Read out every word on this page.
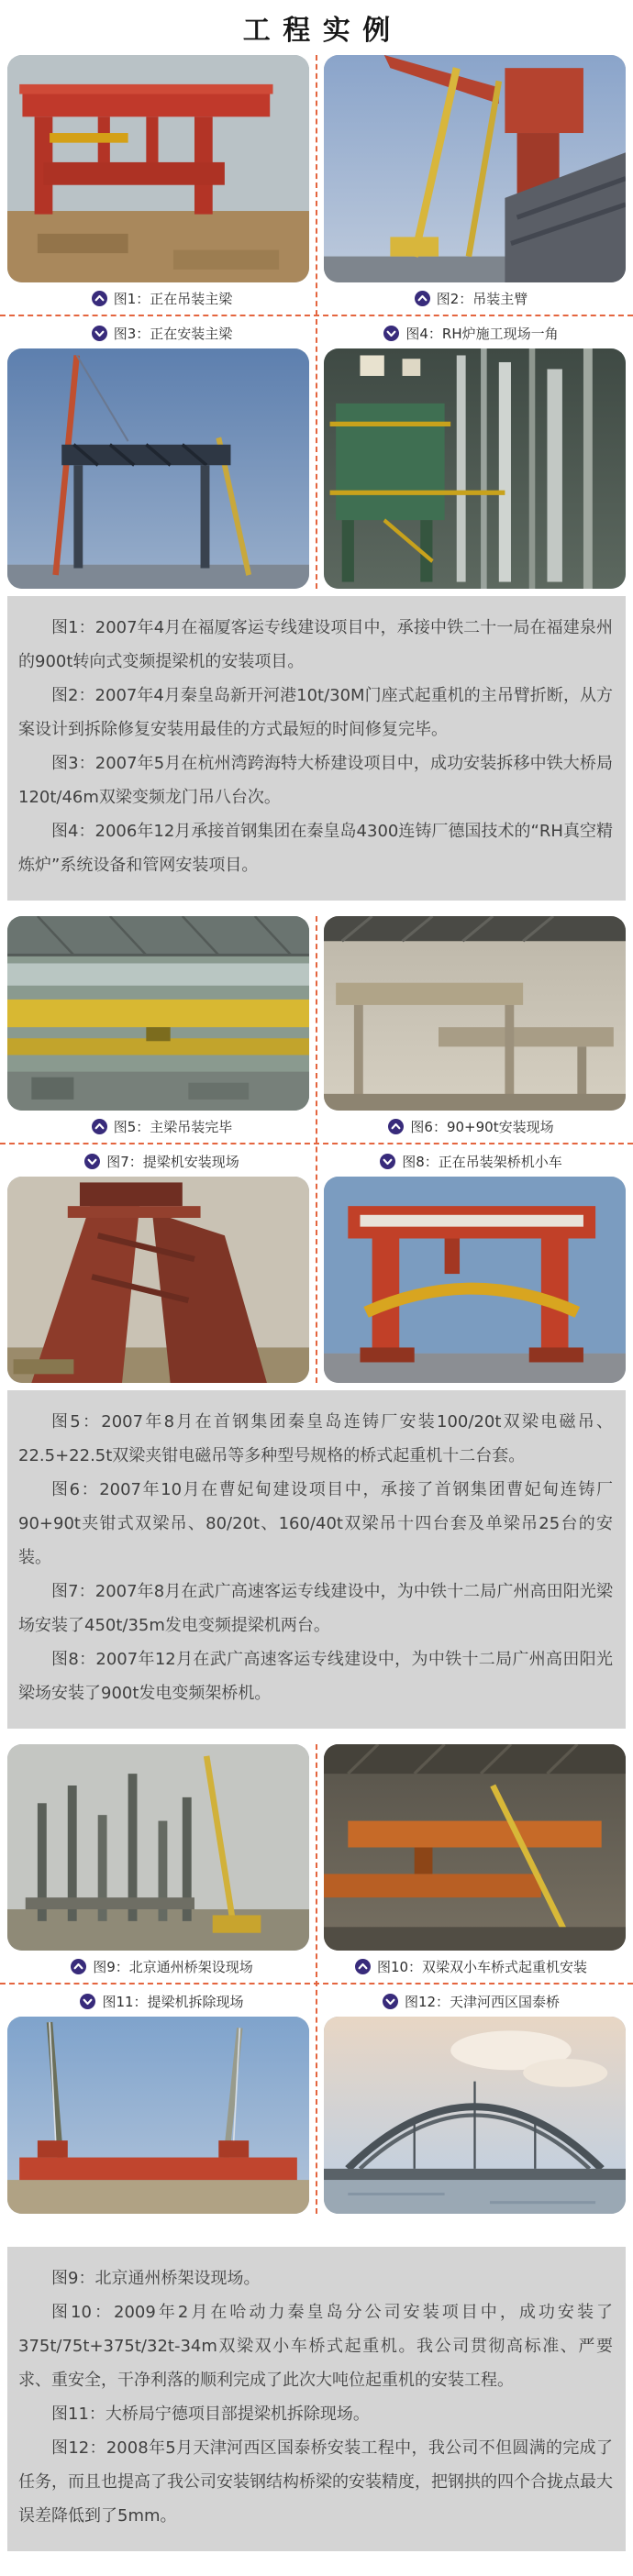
工程实例
图1：正在吊装主梁	图2：吊装主臂
图3：正在安装主梁	图4：RH炉施工现场一角

图1：2007年4月在福厦客运专线建设项目中，承接中铁二十一局在福建泉州的900t转向式变频提梁机的安装项目。

图2：2007年4月秦皇岛新开河港10t/30M门座式起重机的主吊臂折断，从方案设计到拆除修复安装用最佳的方式最短的时间修复完毕。

图3：2007年5月在杭州湾跨海特大桥建设项目中，成功安装拆移中铁大桥局120t/46m双梁变频龙门吊八台次。

图4：2006年12月承接首钢集团在秦皇岛4300连铸厂德国技术的“RH真空精炼炉”系统设备和管网安装项目。

图5：主梁吊装完毕	图6：90+90t安装现场
图7：提梁机安装现场	图8：正在吊装架桥机小车

图5：2007年8月在首钢集团秦皇岛连铸厂安装100/20t双梁电磁吊、22.5+22.5t双梁夹钳电磁吊等多种型号规格的桥式起重机十二台套。

图6：2007年10月在曹妃甸建设项目中，承接了首钢集团曹妃甸连铸厂90+90t夹钳式双梁吊、80/20t、160/40t双梁吊十四台套及单梁吊25台的安装。

图7：2007年8月在武广高速客运专线建设中，为中铁十二局广州高田阳光梁场安装了450t/35m发电变频提梁机两台。

图8：2007年12月在武广高速客运专线建设中，为中铁十二局广州高田阳光梁场安装了900t发电变频架桥机。

图9：北京通州桥架设现场	图10：双梁双小车桥式起重机安装
图11：提梁机拆除现场	图12：天津河西区国泰桥

图9：北京通州桥架设现场。

图10：2009年2月在哈动力秦皇岛分公司安装项目中，成功安装了375t/75t+375t/32t-34m双梁双小车桥式起重机。我公司贯彻高标准、严要求、重安全，干净利落的顺利完成了此次大吨位起重机的安装工程。

图11：大桥局宁德项目部提梁机拆除现场。

图12：2008年5月天津河西区国泰桥安装工程中，我公司不但圆满的完成了任务，而且也提高了我公司安装钢结构桥梁的安装精度，把钢拱的四个合拢点最大误差降低到了5mm。
